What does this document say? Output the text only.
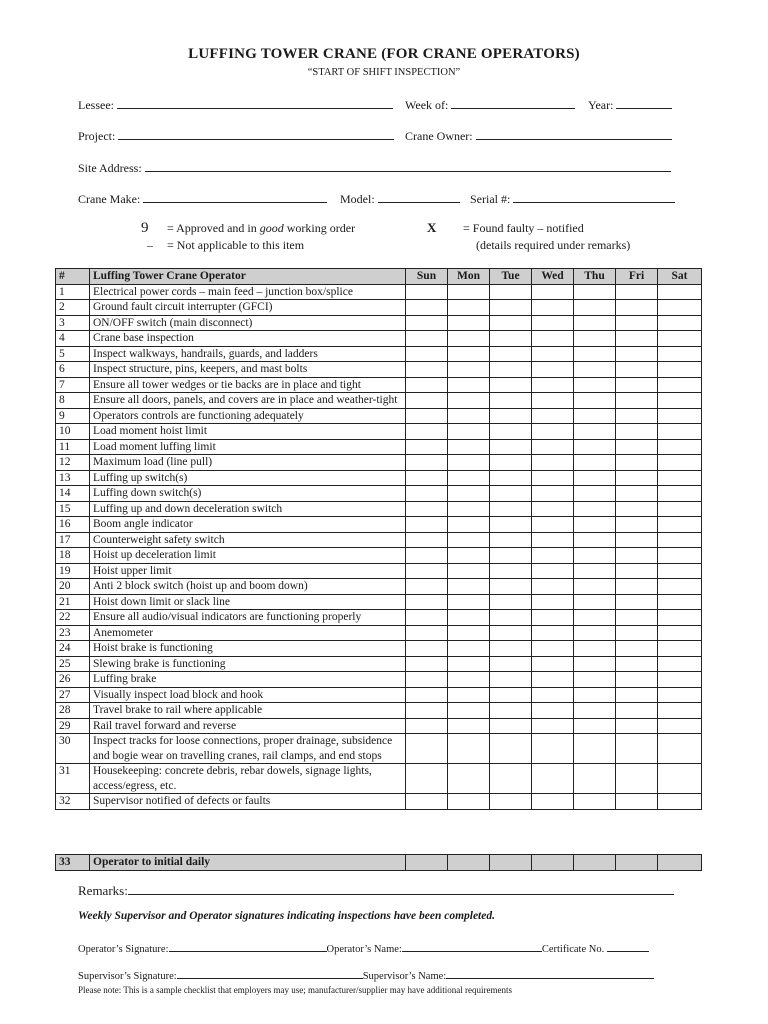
LUFFING TOWER CRANE (FOR CRANE OPERATORS)
“START OF SHIFT INSPECTION”
Lessee:	Week of:	Year:
Project:	Crane Owner:
Site Address:
Crane Make:	Model:	Serial #:
9 = Approved and in good working order
– = Not applicable to this item
X = Found faulty – notified
(details required under remarks)
#	Luffing Tower Crane Operator	Sun	Mon	Tue	Wed	Thu	Fri	Sat
1	Electrical power cords – main feed – junction box/splice							
2	Ground fault circuit interrupter (GFCI)							
3	ON/OFF switch (main disconnect)							
4	Crane base inspection							
5	Inspect walkways, handrails, guards, and ladders							
6	Inspect structure, pins, keepers, and mast bolts							
7	Ensure all tower wedges or tie backs are in place and tight							
8	Ensure all doors, panels, and covers are in place and weather-tight							
9	Operators controls are functioning adequately							
10	Load moment hoist limit							
11	Load moment luffing limit							
12	Maximum load (line pull)							
13	Luffing up switch(s)							
14	Luffing down switch(s)							
15	Luffing up and down deceleration switch							
16	Boom angle indicator							
17	Counterweight safety switch							
18	Hoist up deceleration limit							
19	Hoist upper limit							
20	Anti 2 block switch (hoist up and boom down)							
21	Hoist down limit or slack line							
22	Ensure all audio/visual indicators are functioning properly							
23	Anemometer							
24	Hoist brake is functioning							
25	Slewing brake is functioning							
26	Luffing brake							
27	Visually inspect load block and hook							
28	Travel brake to rail where applicable							
29	Rail travel forward and reverse							
30	Inspect tracks for loose connections, proper drainage, subsidence and bogie wear on travelling cranes, rail clamps, and end stops							
31	Housekeeping: concrete debris, rebar dowels, signage lights, access/egress, etc.							
32	Supervisor notified of defects or faults							
33	Operator to initial daily							
Remarks:
Weekly Supervisor and Operator signatures indicating inspections have been completed.
Operator’s Signature:	Operator’s Name:	Certificate No.
Supervisor’s Signature:	Supervisor’s Name:
Please note: This is a sample checklist that employers may use; manufacturer/supplier may have additional requirements
